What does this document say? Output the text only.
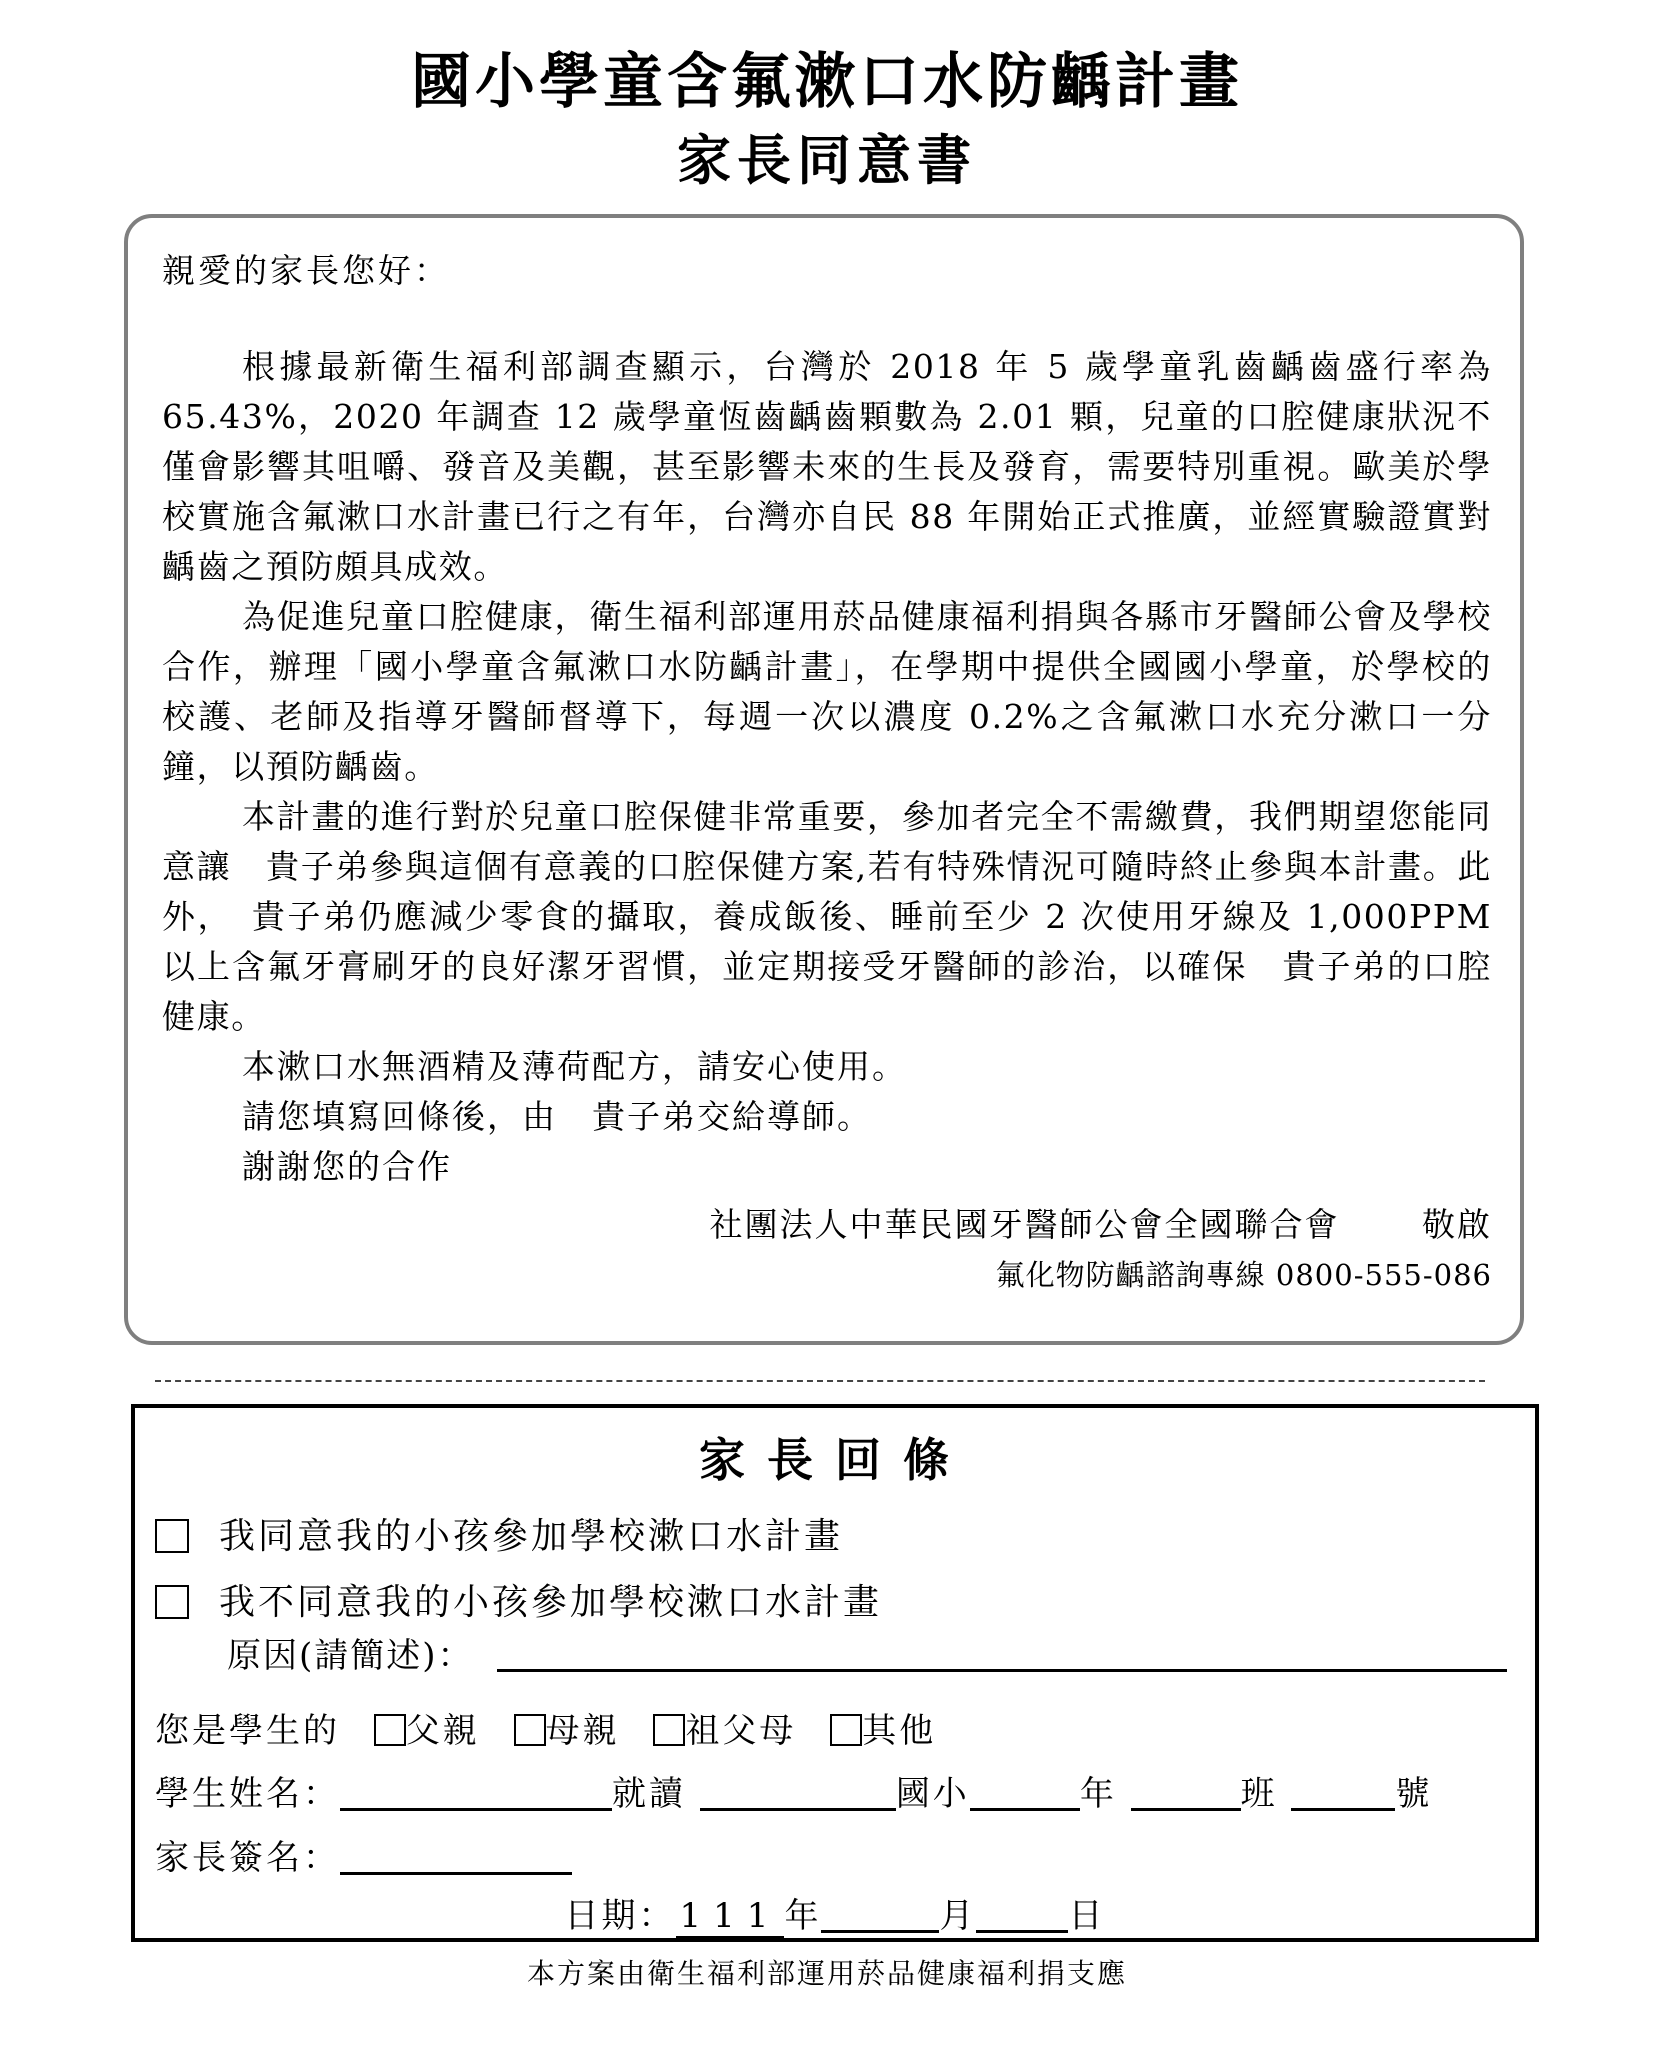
國小學童含氟漱口水防齲計畫
家長同意書

親愛的家長您好：

根據最新衛生福利部調查顯示，台灣於 2018 年 5 歲學童乳齒齲齒盛行率為 65.43%，2020 年調查 12 歲學童恆齒齲齒顆數為 2.01 顆，兒童的口腔健康狀況不僅會影響其咀嚼、發音及美觀，甚至影響未來的生長及發育，需要特別重視。歐美於學校實施含氟漱口水計畫已行之有年，台灣亦自民 88 年開始正式推廣，並經實驗證實對齲齒之預防頗具成效。

為促進兒童口腔健康，衛生福利部運用菸品健康福利捐與各縣市牙醫師公會及學校合作，辦理「國小學童含氟漱口水防齲計畫」，在學期中提供全國國小學童，於學校的校護、老師及指導牙醫師督導下，每週一次以濃度 0.2%之含氟漱口水充分漱口一分鐘，以預防齲齒。

本計畫的進行對於兒童口腔保健非常重要，參加者完全不需繳費，我們期望您能同意讓　貴子弟參與這個有意義的口腔保健方案,若有特殊情況可隨時終止參與本計畫。此外，　貴子弟仍應減少零食的攝取，養成飯後、睡前至少 2 次使用牙線及 1,000PPM 以上含氟牙膏刷牙的良好潔牙習慣，並定期接受牙醫師的診治，以確保　貴子弟的口腔健康。

本漱口水無酒精及薄荷配方，請安心使用。

請您填寫回條後，由　貴子弟交給導師。

謝謝您的合作

社團法人中華民國牙醫師公會全國聯合會	敬啟

氟化物防齲諮詢專線 0800-555-086

家長回條

我同意我的小孩參加學校漱口水計畫
我不同意我的小孩參加學校漱口水計畫
原因(請簡述)：
您是學生的 父親 母親 祖父母 其他
學生姓名：	就讀	國小	年	班	號
家長簽名：
日期： 111 年	月	日

本方案由衛生福利部運用菸品健康福利捐支應
